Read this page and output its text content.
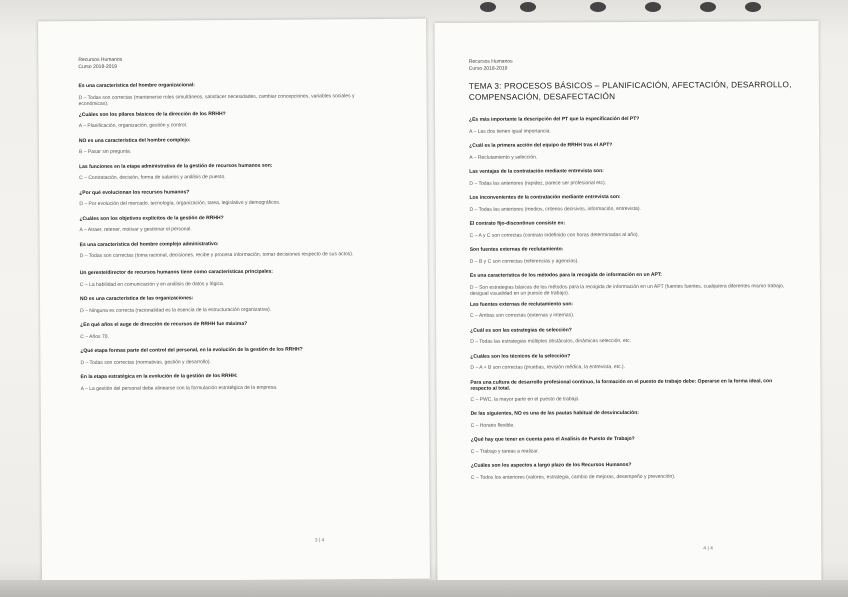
Recursos Humanos
Curso 2018-2019
Es una característica del hombre organizacional:
D – Todas son correctas (mantenerse roles simultáneos, satisfacer necesidades, cambiar concepciones, variables sociales y económicas).
¿Cuáles son los pilares básicos de la dirección de los RRHH?
A – Planificación, organización, gestión y control.
NO es una característica del hombre complejo:
B – Pasar sin pregunta.
Las funciones en la etapa administrativa de la gestión de recursos humanos son:
C – Contratación, decisión, forma de salarios y análisis de puesto.
¿Por qué evolucionan los recursos humanos?
D – Por evolución del mercado, tecnología, organización, tarea, legislativo y demográficos.
¿Cuáles son los objetivos explícitos de la gestión de RRHH?
A – Atraer, retener, motivar y gestionar el personal.
Es una característica del hombre complejo administrativo:
D – Todas son correctas (toma racional, decisiones, recibe y procesa información, tomar decisiones respecto de sus actos).
Un gerente/director de recursos humanos tiene como características principales:
C – La habilidad en comunicación y en análisis de datos y lógica.
NO es una característica de las organizaciones:
D – Ninguna es correcta (racionalidad es la esencia de la estructuración organizativa).
¿En qué años el auge de dirección de recursos de RRHH fue máxima?
C – Años 70.
¿Qué etapa formas parte del control del personal, en la evolución de la gestión de los RRHH?
D – Todas son correctas (normativas, gestión y desarrollo).
En la etapa estratégica en la evolución de la gestión de los RRHH:
A – La gestión del personal debe alinearse con la formulación estratégica de la empresa.
3 | 4
Recursos Humanos
Curso 2018-2019
TEMA 3: PROCESOS BÁSICOS – PLANIFICACIÓN, AFECTACIÓN, DESARROLLO, COMPENSACIÓN, DESAFECTACIÓN
¿Es más importante la descripción del PT que la especificación del PT?
A – Las dos tienen igual importancia.
¿Cuál es la primera acción del equipo de RRHH tras el APT?
A – Reclutamiento y selección.
Las ventajas de la contratación mediante entrevista son:
D – Todas las anteriores (rapidez, parece ser profesional etc).
Los inconvenientes de la contratación mediante entrevista son:
D – Todas las anteriores (medios, criterios decisivos, información, entrevista).
El contrato fijo-discontinuo consiste en:
C – A y C son correctas (contrato indefinido con horas determinadas al año).
Son fuentes externas de reclutamiento:
D – B y C son correctas (referencias y agencias).
Es una característica de los métodos para la recogida de información en un APT:
D – Son estrategias básicas de los métodos para la recogida de información en un APT (fuentes fuentes, cualquiera diferentes mismo trabajo, desigual visualidad en un puesto de trabajo).
Las fuentes externas de reclutamiento son:
C – Ambas son correctas (externas y internas).
¿Cuál es son las estrategias de selección?
D – Todas las estrategias múltiples obstáculos, dinámicas selección, etc.
¿Cuáles son los técnicos de la selección?
D – A + B son correctas (pruebas, revisión médica, la entrevista, etc.).
Para una cultura de desarrollo profesional continuo, la formación en el puesto de trabajo debe: Operarse en la forma ideal, con respecto al total.
C – PWC, la mayor parte en el puesto de trabajo.
De las siguientes, NO es una de las pautas habitual de desvinculación:
C – Horario flexible.
¿Qué hay que tener en cuenta para el Análisis de Puesto de Trabajo?
C – Trabajo y tareas a realizar.
¿Cuáles son los aspectos a largo plazo de los Recursos Humanos?
C – Todos los anteriores (valores, estrategia, cambio de mejoras, desempeño y prevención).
4 | 4
